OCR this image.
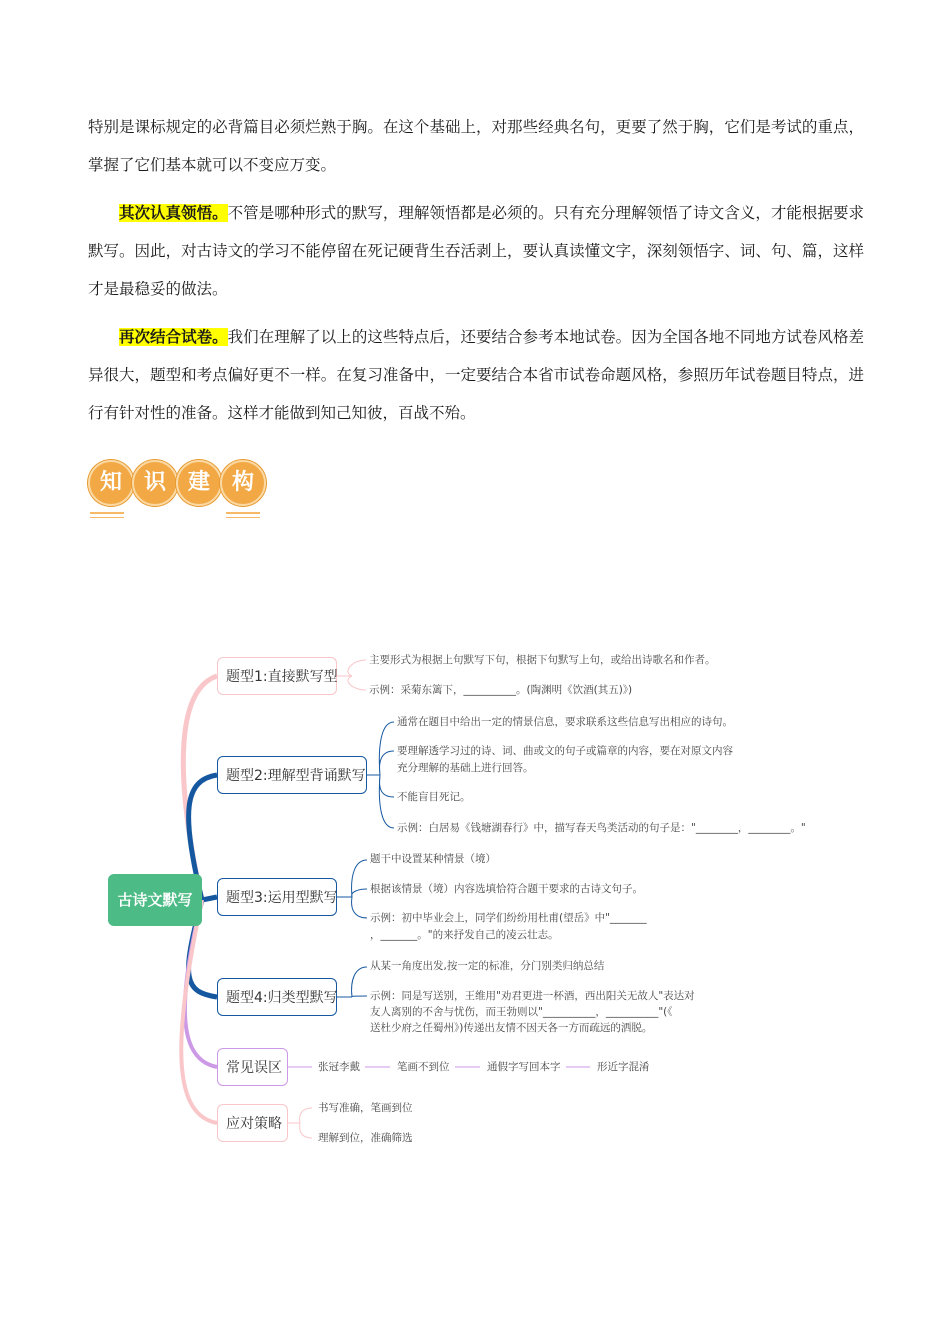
特别是课标规定的必背篇目必须烂熟于胸。在这个基础上，对那些经典名句，更要了然于胸，它们是考试的重点，掌握了它们基本就可以不变应万变。

其次认真领悟。不管是哪种形式的默写，理解领悟都是必须的。只有充分理解领悟了诗文含义，才能根据要求默写。因此，对古诗文的学习不能停留在死记硬背生吞活剥上，要认真读懂文字，深刻领悟字、词、句、篇，这样才是最稳妥的做法。

再次结合试卷。我们在理解了以上的这些特点后，还要结合参考本地试卷。因为全国各地不同地方试卷风格差异很大，题型和考点偏好更不一样。在复习准备中，一定要结合本省市试卷命题风格，参照历年试卷题目特点，进行有针对性的准备。这样才能做到知己知彼，百战不殆。

知 识 建 构
古诗文默写
题型1:直接默写型
题型2:理解型背诵默写
题型3:运用型默写
题型4:归类型默写
常见误区
应对策略
主要形式为根据上句默写下句，根据下句默写上句，或给出诗歌名和作者。
示例：采菊东篱下，__________。(陶渊明《饮酒(其五)》)
通常在题目中给出一定的情景信息，要求联系这些信息写出相应的诗句。
要理解透学习过的诗、词、曲或文的句子或篇章的内容，要在对原文内容
充分理解的基础上进行回答。
不能盲目死记。
示例：白居易《钱塘湖春行》中，描写春天鸟类活动的句子是："________，________。"
题干中设置某种情景（境）
根据该情景（境）内容选填恰符合题干要求的古诗文句子。
示例：初中毕业会上，同学们纷纷用杜甫(望岳》中"_______
，_______。"的来抒发自己的凌云壮志。
从某一角度出发,按一定的标准，分门别类归纳总结
示例：同是写送别，王维用"劝君更进一杯酒，西出阳关无故人"表达对
友人离别的不舍与忧伤，而王勃则以"__________，__________"(《
送杜少府之任蜀州》)传递出友情不因天各一方而疏远的洒脱。
张冠李戴	笔画不到位	通假字写回本字	形近字混淆
书写准确，笔画到位
理解到位，准确筛选
